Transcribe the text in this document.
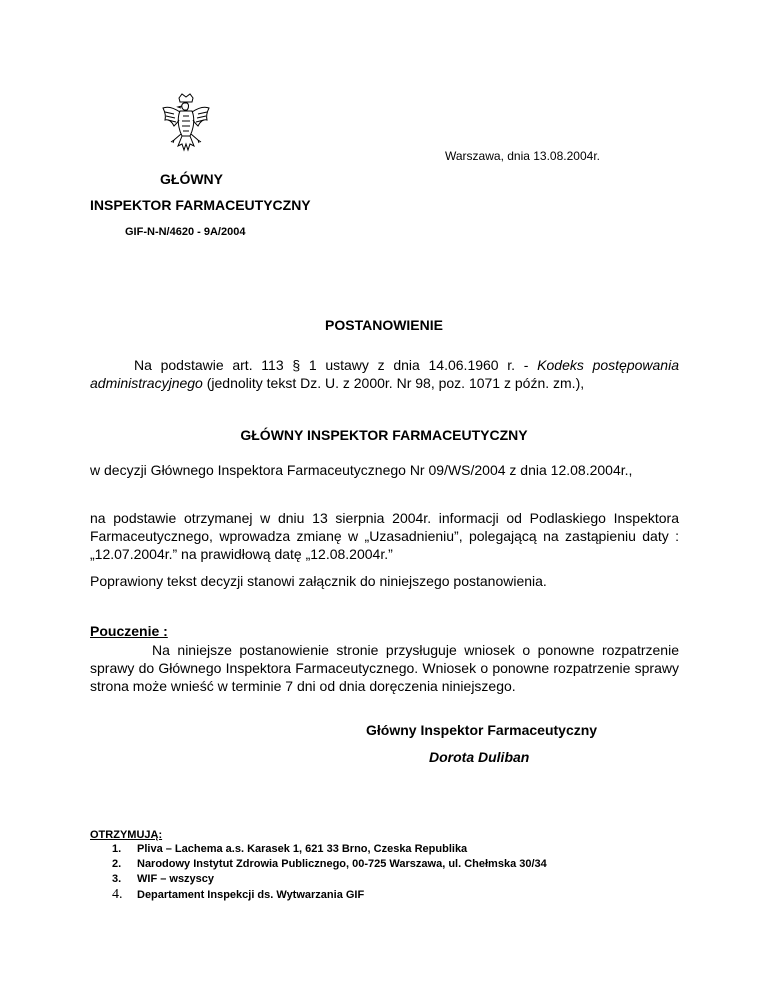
Warszawa, dnia 13.08.2004r.
GŁÓWNY
INSPEKTOR FARMACEUTYCZNY
GIF-N-N/4620 - 9A/2004
POSTANOWIENIE
Na podstawie art. 113 § 1 ustawy z dnia 14.06.1960 r. - Kodeks postępowania administracyjnego (jednolity tekst Dz. U. z 2000r. Nr 98, poz. 1071 z późn. zm.),
GŁÓWNY INSPEKTOR FARMACEUTYCZNY
w decyzji Głównego Inspektora Farmaceutycznego Nr 09/WS/2004 z dnia 12.08.2004r.,
na podstawie otrzymanej w dniu 13 sierpnia 2004r. informacji od Podlaskiego Inspektora Farmaceutycznego, wprowadza zmianę w „Uzasadnieniu”, polegającą na zastąpieniu daty : „12.07.2004r.” na prawidłową datę „12.08.2004r.”
Poprawiony tekst decyzji stanowi załącznik do niniejszego postanowienia.
Pouczenie :
Na niniejsze postanowienie stronie przysługuje wniosek o ponowne rozpatrzenie sprawy do Głównego Inspektora Farmaceutycznego. Wniosek o ponowne rozpatrzenie sprawy strona może wnieść w terminie 7 dni od dnia doręczenia niniejszego.
Główny Inspektor Farmaceutyczny
Dorota Duliban
OTRZYMUJĄ:
1. Pliva – Lachema a.s. Karasek 1, 621 33 Brno, Czeska Republika
2. Narodowy Instytut Zdrowia Publicznego, 00-725 Warszawa, ul. Chełmska 30/34
3. WIF – wszyscy
4. Departament Inspekcji ds. Wytwarzania GIF
